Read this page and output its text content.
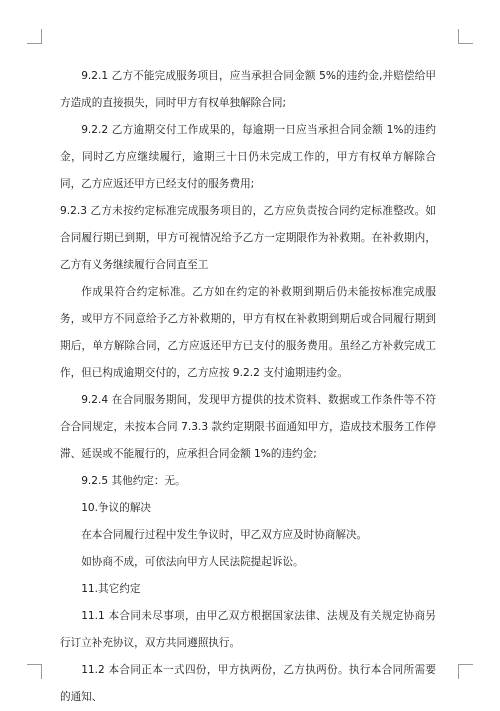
9.2.1 乙方不能完成服务项目，应当承担合同金额 5%的违约金,并赔偿给甲方造成的直接损失，同时甲方有权单独解除合同;

9.2.2 乙方逾期交付工作成果的，每逾期一日应当承担合同金额 1%的违约金，同时乙方应继续履行，逾期三十日仍未完成工作的，甲方有权单方解除合同，乙方应返还甲方已经支付的服务费用;

9.2.3 乙方未按约定标准完成服务项目的，乙方应负责按合同约定标准整改。如合同履行期已到期，甲方可视情况给予乙方一定期限作为补救期。在补救期内，乙方有义务继续履行合同直至工

作成果符合约定标准。乙方如在约定的补救期到期后仍未能按标准完成服务，或甲方不同意给予乙方补救期的，甲方有权在补救期到期后或合同履行期到期后，单方解除合同，乙方应返还甲方已支付的服务费用。虽经乙方补救完成工作，但已构成逾期交付的，乙方应按 9.2.2 支付逾期违约金。

9.2.4 在合同服务期间，发现甲方提供的技术资料、数据或工作条件等不符合合同规定，未按本合同 7.3.3 款约定期限书面通知甲方，造成技术服务工作停滞、延误或不能履行的，应承担合同金额 1%的违约金;

9.2.5 其他约定：无。

10.争议的解决

在本合同履行过程中发生争议时，甲乙双方应及时协商解决。

如协商不成，可依法向甲方人民法院提起诉讼。

11.其它约定

11.1 本合同未尽事项，由甲乙双方根据国家法律、法规及有关规定协商另行订立补充协议，双方共同遵照执行。

11.2 本合同正本一式四份，甲方执两份，乙方执两份。执行本合同所需要的通知、
